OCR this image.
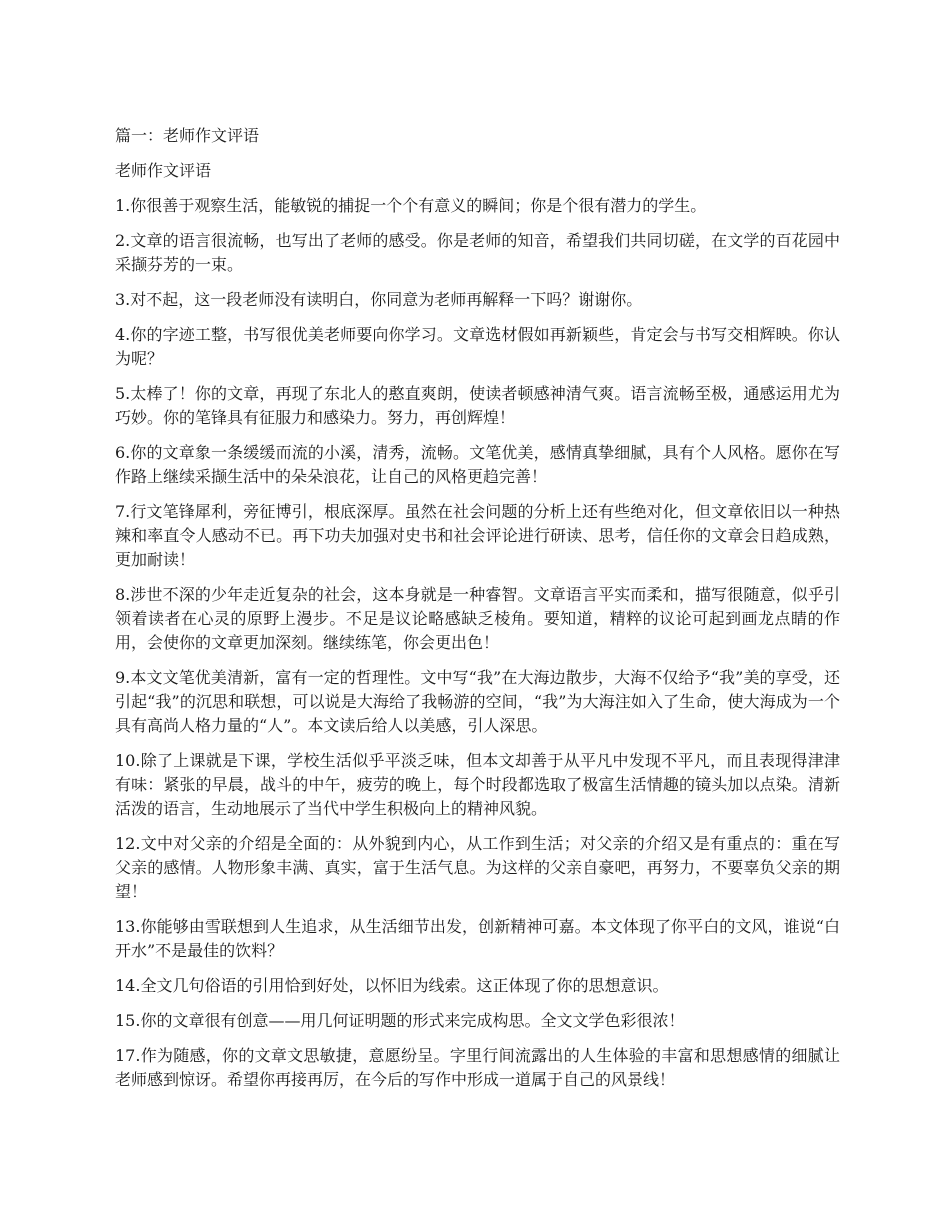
篇一：老师作文评语

老师作文评语

1.你很善于观察生活，能敏锐的捕捉一个个有意义的瞬间；你是个很有潜力的学生。

2.文章的语言很流畅，也写出了老师的感受。你是老师的知音，希望我们共同切磋，在文学的百花园中采撷芬芳的一束。

3.对不起，这一段老师没有读明白，你同意为老师再解释一下吗？谢谢你。

4.你的字迹工整，书写很优美老师要向你学习。文章选材假如再新颖些，肯定会与书写交相辉映。你认为呢？

5.太棒了！你的文章，再现了东北人的憨直爽朗，使读者顿感神清气爽。语言流畅至极，通感运用尤为巧妙。你的笔锋具有征服力和感染力。努力，再创辉煌！

6.你的文章象一条缓缓而流的小溪，清秀，流畅。文笔优美，感情真挚细腻，具有个人风格。愿你在写作路上继续采撷生活中的朵朵浪花，让自己的风格更趋完善！

7.行文笔锋犀利，旁征博引，根底深厚。虽然在社会问题的分析上还有些绝对化，但文章依旧以一种热辣和率直令人感动不已。再下功夫加强对史书和社会评论进行研读、思考，信任你的文章会日趋成熟，更加耐读！

8.涉世不深的少年走近复杂的社会，这本身就是一种睿智。文章语言平实而柔和，描写很随意，似乎引领着读者在心灵的原野上漫步。不足是议论略感缺乏棱角。要知道，精粹的议论可起到画龙点睛的作用，会使你的文章更加深刻。继续练笔，你会更出色！

9.本文文笔优美清新，富有一定的哲理性。文中写“我”在大海边散步，大海不仅给予“我”美的享受，还引起“我”的沉思和联想，可以说是大海给了我畅游的空间，“我”为大海注如入了生命，使大海成为一个具有高尚人格力量的“人”。本文读后给人以美感，引人深思。

10.除了上课就是下课，学校生活似乎平淡乏味，但本文却善于从平凡中发现不平凡，而且表现得津津有味：紧张的早晨，战斗的中午，疲劳的晚上，每个时段都选取了极富生活情趣的镜头加以点染。清新活泼的语言，生动地展示了当代中学生积极向上的精神风貌。

12.文中对父亲的介绍是全面的：从外貌到内心，从工作到生活；对父亲的介绍又是有重点的：重在写父亲的感情。人物形象丰满、真实，富于生活气息。为这样的父亲自豪吧，再努力，不要辜负父亲的期望！

13.你能够由雪联想到人生追求，从生活细节出发，创新精神可嘉。本文体现了你平白的文风，谁说“白开水”不是最佳的饮料？

14.全文几句俗语的引用恰到好处，以怀旧为线索。这正体现了你的思想意识。

15.你的文章很有创意——用几何证明题的形式来完成构思。全文文学色彩很浓！

17.作为随感，你的文章文思敏捷，意愿纷呈。字里行间流露出的人生体验的丰富和思想感情的细腻让老师感到惊讶。希望你再接再厉，在今后的写作中形成一道属于自己的风景线！
